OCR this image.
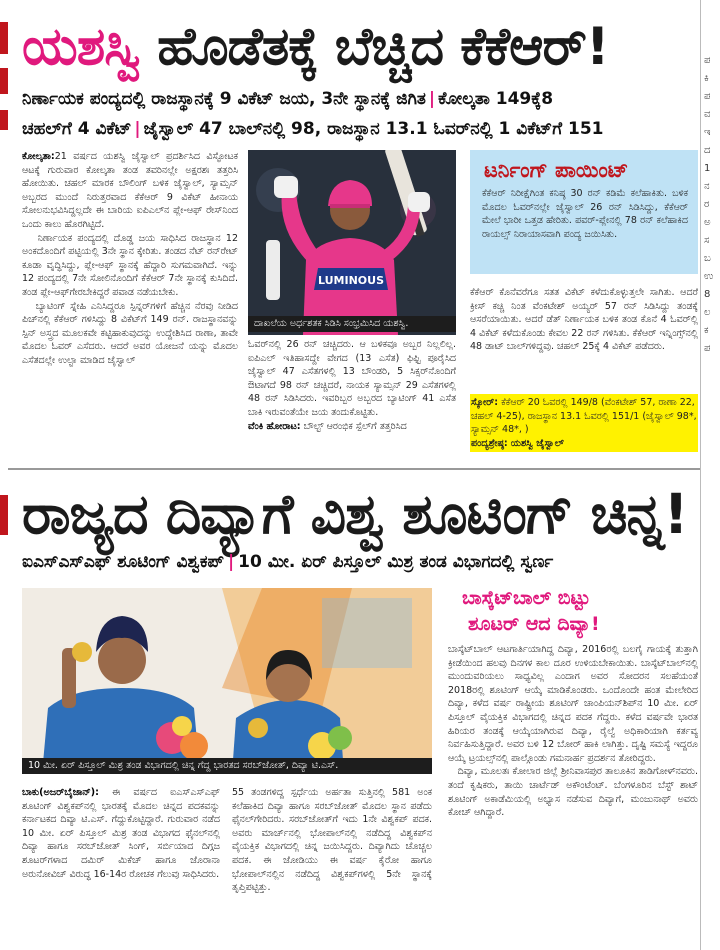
ಪ
ಕಿ
ಪ
ವ
ಇ
ದ
1
ನ
ರ
ಅ
ಸ
ಬ
ಉ
8
ಲ
ಕ
ಪ
ಯಶಸ್ವಿ ಹೊಡೆತಕ್ಕೆ ಬೆಚ್ಚಿದ ಕೆಕೆಆರ್!
ನಿರ್ಣಾಯಕ ಪಂದ್ಯದಲ್ಲಿ ರಾಜಸ್ಥಾನಕ್ಕೆ 9 ವಿಕೆಟ್ ಜಯ, 3ನೇ ಸ್ಥಾನಕ್ಕೆ ಜಿಗಿತ | ಕೋಲ್ಕತಾ 149ಕ್ಕೆ8
ಚಹಲ್‌ಗೆ 4 ವಿಕೆಟ್ | ಜೈಸ್ವಾಲ್ 47 ಬಾಲ್‌ನಲ್ಲಿ 98, ರಾಜಸ್ಥಾನ 13.1 ಓವರ್‌ನಲ್ಲಿ 1 ವಿಕೆಟ್‌ಗೆ 151
ಕೋಲ್ಕತಾ:21 ವರ್ಷದ ಯಶಸ್ವಿ ಜೈಸ್ವಾಲ್ ಪ್ರದರ್ಶಿಸಿದ ವಿಸ್ಫೋಟಕ ಆಟಕ್ಕೆ ಗುರುವಾರ ಕೋಲ್ಕತಾ ತಂಡ ತವರಿನಲ್ಲೇ ಅಕ್ಷರಶಃ ತತ್ತರಿಸಿ ಹೋಯಿತು. ಚಹಲ್ ಮಾರಕ ಬೌಲಿಂಗ್ ಬಳಿಕ ಜೈಸ್ವಾಲ್, ಸ್ಯಾಮ್ಸನ್ ಅಬ್ಬರದ ಮುಂದೆ ನಿರುತ್ತರವಾದ ಕೆಕೆಆರ್ 9 ವಿಕೆಟ್ ಹೀನಾಯ ಸೋಲನುಭವಿಸಿದ್ದಲ್ಲದೇ ಈ ಬಾರಿಯ ಐಪಿಎಲ್‌ನ ಪ್ಲೇ-ಆಫ್ ರೇಸ್‌ನಿಂದ ಒಂದು ಕಾಲು ಹೊರಗಿಟ್ಟಿದೆ.
ನಿರ್ಣಾಯಕ ಪಂದ್ಯದಲ್ಲಿ ದೊಡ್ಡ ಜಯ ಸಾಧಿಸಿದ ರಾಜಸ್ಥಾನ 12 ಅಂಕದೊಂದಿಗೆ ಪಟ್ಟಿಯಲ್ಲಿ 3ನೇ ಸ್ಥಾನ ಕ್ಕೇರಿತು. ತಂಡದ ನೆಟ್ ರನ್‌ರೇಟ್ ಕೂಡಾ ವೃದ್ಧಿಸಿದ್ದು, ಪ್ಲೇ-ಆಫ್ ಸ್ಥಾನಕ್ಕೆ ಹೆದ್ದಾರಿ ಸುಗಮವಾಗಿದೆ. ಇನ್ನು 12 ಪಂದ್ಯದಲ್ಲಿ 7ನೇ ಸೋಲಿನೊಂದಿಗೆ ಕೆಕೆಆರ್ 7ನೇ ಸ್ಥಾನಕ್ಕೆ ಕುಸಿದಿದೆ. ತಂಡ ಪ್ಲೇ-ಆಫ್‌ಗೇರಬೇಕಿದ್ದರೆ ಪವಾಡ ನಡೆಯಬೇಕು.
ಬ್ಯಾಟಿಂಗ್ ಸ್ನೇಹಿ ಎನಿಸಿದ್ದರೂ ಸ್ಪಿನ್ನರ್‌ಗಳಿಗೆ ಹೆಚ್ಚಿನ ನೆರವು ನೀಡಿದ ಪಿಚ್‌ನಲ್ಲಿ ಕೆಕೆಆರ್ ಗಳಿಸಿದ್ದು 8 ವಿಕೆಟ್‌ಗೆ 149 ರನ್. ರಾಜಸ್ಥಾನವನ್ನು ಸ್ಪಿನ್ ಅಸ್ತ್ರದ ಮೂಲಕವೇ ಕಟ್ಟಿಹಾಕುವುದನ್ನು ಉದ್ದೇಶಿಸಿದ ರಾಣಾ, ತಾವೇ ಮೊದಲ ಓವರ್ ಎಸೆದರು. ಆದರೆ ಅವರ ಯೋಜನೆ ಯನ್ನು ಮೊದಲ ಎಸೆತದಲ್ಲೇ ಉಲ್ಟಾ ಮಾಡಿದ ಜೈಸ್ವಾಲ್
LUMINOUS
ದಾಖಲೆಯ ಅರ್ಧಶತಕ ಸಿಡಿಸಿ ಸಂಭ್ರಮಿಸಿದ ಯಶಸ್ವಿ.
ಓವರ್‌ನಲ್ಲಿ 26 ರನ್ ಚಚ್ಚಿದರು. ಆ ಬಳಿಕವೂ ಅಬ್ಬರ ನಿಲ್ಲಲಿಲ್ಲ. ಐಪಿಎಲ್ ಇತಿಹಾಸದ್ದೇ ವೇಗದ (13 ಎಸೆತ) ಫಿಫ್ಟಿ ಪೂರೈಸಿದ ಜೈಸ್ವಾಲ್ 47 ಎಸೆತಗಳಲ್ಲಿ 13 ಬೌಂಡರಿ, 5 ಸಿಕ್ಸರ್‌ನೊಂದಿಗೆ ಔಟಾಗದೆ 98 ರನ್ ಚಚ್ಚಿದರೆ, ನಾಯಕ ಸ್ಯಾಮ್ಸನ್ 29 ಎಸೆತಗಳಲ್ಲಿ 48 ರನ್ ಸಿಡಿಸಿದರು. ಇವರಿಬ್ಬರ ಅಬ್ಬರದ ಬ್ಯಾಟಿಂಗ್ 41 ಎಸೆತ ಬಾಕಿ ಇರುವಂತೆಯೇ ಜಯ ತಂದುಕೊಟ್ಟಿತು.
ವೆಂಕಿ ಹೋರಾಟ: ಬೌಲ್ಟ್ ಆರಂಭಿಕ ಸ್ಪೆಲ್‌ಗೆ ತತ್ತರಿಸಿದ
ಟರ್ನಿಂಗ್ ಪಾಯಿಂಟ್
ಕೆಕೆಆರ್ ನಿರೀಕ್ಷೆಗಿಂತ ಕನಿಷ್ಠ 30 ರನ್ ಕಡಿಮೆ ಕಲೆಹಾಕಿತು. ಬಳಿಕ ಮೊದಲ ಓವರ್‌ನಲ್ಲೇ ಜೈಸ್ವಾಲ್ 26 ರನ್ ಸಿಡಿಸಿದ್ದು, ಕೆಕೆಆರ್ ಮೇಲೆ ಭಾರೀ ಒತ್ತಡ ಹೇರಿತು. ಪವರ್-ಪ್ಲೇನಲ್ಲಿ 78 ರನ್ ಕಲೆಹಾಕಿದ ರಾಯಲ್ಸ್ ನಿರಾಯಾಸವಾಗಿ ಪಂದ್ಯ ಜಯಿಸಿತು.
ಕೆಕೆಆರ್ ಕೊನೆವರೆಗೂ ಸತತ ವಿಕೆಟ್ ಕಳೆದುಕೊಳ್ಳುತ್ತಲೇ ಸಾಗಿತು. ಆದರೆ ಕ್ರೀಸ್ ಕಚ್ಚಿ ನಿಂತ ವೆಂಕಟೇಶ್ ಅಯ್ಯರ್ 57 ರನ್ ಸಿಡಿಸಿದ್ದು ತಂಡಕ್ಕೆ ಆಸರೆಯಾಯಿತು. ಆದರೆ ಡೆತ್ ನಿರ್ಣಾಯಕ ಬಳಿಕ ತಂಡ ಕೊನೆ 4 ಓವರ್‌ಲ್ಲಿ 4 ವಿಕೆಟ್ ಕಳೆದುಕೊಂಡು ಕೇವಲ 22 ರನ್ ಗಳಿಸಿತು. ಕೆಕೆಆರ್ ಇನ್ನಿಂಗ್ಸ್‌ನಲ್ಲಿ 48 ಡಾಟ್ ಬಾಲ್‌ಗಳಿದ್ದವು. ಚಹಲ್ 25ಕ್ಕೆ 4 ವಿಕೆಟ್ ಪಡೆದರು.
ಸ್ಕೋರ್: ಕೆಕೆಆರ್ 20 ಓವರಲ್ಲಿ 149/8 (ವೆಂಕಟೇಶ್ 57, ರಾಣಾ 22, ಚಹಲ್ 4-25), ರಾಜಸ್ಥಾನ 13.1 ಓವರಲ್ಲಿ 151/1 (ಜೈಸ್ವಾಲ್ 98*, ಸ್ಯಾಮ್ಸನ್ 48*, )
ಪಂದ್ಯಶ್ರೇಷ್ಠ: ಯಶಸ್ವಿ ಜೈಸ್ವಾಲ್
ರಾಜ್ಯದ ದಿವ್ಯಾಗೆ ವಿಶ್ವ ಶೂಟಿಂಗ್ ಚಿನ್ನ!
ಐಎಸ್‌ಎಸ್‌ಎಫ್ ಶೂಟಿಂಗ್ ವಿಶ್ವಕಪ್ | 10 ಮೀ. ಏರ್ ಪಿಸ್ತೂಲ್ ಮಿಶ್ರ ತಂಡ ವಿಭಾಗದಲ್ಲಿ ಸ್ವರ್ಣ
10 ಮೀ. ಏರ್ ಪಿಸ್ತೂಲ್ ಮಿಶ್ರ ತಂಡ ವಿಭಾಗದಲ್ಲಿ ಚಿನ್ನ ಗೆದ್ದ ಭಾರತದ ಸರಬ್‌ಜೋತ್, ದಿವ್ಯಾ ಟಿ.ಎಸ್.
ಬಾಸ್ಕೆಟ್‌ಬಾಲ್ ಬಿಟ್ಟು
ಶೂಟರ್ ಆದ ದಿವ್ಯಾ!
ಬಾಸ್ಕೆಟ್‌ಬಾಲ್ ಆಟಗಾರ್ತಿಯಾಗಿದ್ದ ದಿವ್ಯಾ, 2016ರಲ್ಲಿ ಬಲಗೈ ಗಾಯಕ್ಕೆ ತುತ್ತಾಗಿ ಕ್ರೀಡೆಯಿಂದ ಹಲವು ದಿನಗಳ ಕಾಲ ದೂರ ಉಳಿಯಬೇಕಾಯಿತು. ಬಾಸ್ಕೆಟ್‌ಬಾಲ್‌ನಲ್ಲಿ ಮುಂದುವರಿಯಲು ಸಾಧ್ಯವಿಲ್ಲ ಎಂದಾಗ ಅವರ ಸೋದರನ ಸಲಹೆಯಂತೆ 2018ರಲ್ಲಿ ಶೂಟಿಂಗ್ ಆಯ್ಕೆ ಮಾಡಿಕೊಂಡರು. ಒಂದೊಂದೇ ಹಂತ ಮೇಲೇರಿದ ದಿವ್ಯಾ, ಕಳೆದ ವರ್ಷ ರಾಷ್ಟ್ರೀಯ ಶೂಟಿಂಗ್ ಚಾಂಪಿಯನ್‌ಶಿಪ್‌ನ 10 ಮೀ. ಏರ್ ಪಿಸ್ತೂಲ್ ವೈಯಕ್ತಿಕ ವಿಭಾಗದಲ್ಲಿ ಚಿನ್ನದ ಪದಕ ಗೆದ್ದರು. ಕಳೆದ ವರ್ಷವೇ ಭಾರತ ಹಿರಿಯರ ತಂಡಕ್ಕೆ ಆಯ್ಕೆಯಾಗಿರುವ ದಿವ್ಯಾ, ರೈಲ್ವೆ ಅಧಿಕಾರಿಯಾಗಿ ಕರ್ತವ್ಯ ನಿರ್ವಹಿಸುತ್ತಿದ್ದಾರೆ. ಅವರ ಬಳಿ 12 ಬೋರ್ ಹಾಕಿ ಲಾಗಿತ್ತು. ದೃಷ್ಟಿ ಸಮಸ್ಯೆ ಇದ್ದರೂ ಆಯ್ಕೆ ಟ್ರಯಲ್ಸ್‌ನಲ್ಲಿ ಪಾಲ್ಗೊಂಡು ಗಮನಾರ್ಹ ಪ್ರದರ್ಶನ ತೋರಿದ್ದರು.
ದಿವ್ಯಾ, ಮೂಲತಃ ಕೋಲಾರ ಜಿಲ್ಲೆ ಶ್ರೀನಿವಾಸಪುರ ತಾಲೂಕಿನ ತಾಡಿಗೋಳ್‌ನವರು. ತಂದೆ ಕೃಷಿಕರು, ತಾಯಿ ಚಾರ್ಟೆಡ್ ಅಕೌಂಟೆಂಟ್. ಬೆಂಗಳೂರಿನ ಬೆಸ್ಟ್ ಶಾಟ್ ಶೂಟಿಂಗ್ ಅಕಾಡೆಮಿಯಲ್ಲಿ ಅಭ್ಯಾಸ ನಡೆಸುವ ದಿವ್ಯಾಗೆ, ಮಂಜುನಾಥ್ ಅವರು ಕೋಚ್ ಆಗಿದ್ದಾರೆ.
ಬಾಕು(ಅಜರ್‌ಬೈಜಾನ್): ಈ ವರ್ಷದ ಐಎಸ್‌ಎಸ್‌ಎಫ್ ಶೂಟಿಂಗ್ ವಿಶ್ವಕಪ್‌ನಲ್ಲಿ ಭಾರತಕ್ಕೆ ಮೊದಲ ಚಿನ್ನದ ಪದಕವನ್ನು ಕರ್ನಾಟಕದ ದಿವ್ಯಾ ಟಿ.ಎಸ್. ಗೆದ್ದುಕೊಟ್ಟಿದ್ದಾರೆ. ಗುರುವಾರ ನಡೆದ 10 ಮೀ. ಏರ್ ಪಿಸ್ತೂಲ್ ಮಿಶ್ರ ತಂಡ ವಿಭಾಗದ ಫೈನಲ್‌ನಲ್ಲಿ ದಿವ್ಯಾ ಹಾಗೂ ಸರಬ್‌ಜೋತ್ ಸಿಂಗ್, ಸರ್ಬಿಯಾದ ದಿಗ್ಗಜ ಶೂಟರ್‌ಗಳಾದ ದಮಿರ್ ಮಿಕೆಚ್ ಹಾಗೂ ಜೊರಾನಾ ಅರುನೋವಿಚ್ ವಿರುದ್ಧ 16-14ರ ರೋಚಕ ಗೆಲುವು ಸಾಧಿಸಿದರು.
55 ತಂಡಗಳಿದ್ದ ಸ್ಪರ್ಧೆಯ ಅರ್ಹತಾ ಸುತ್ತಿನಲ್ಲಿ 581 ಅಂಕ ಕಲೆಹಾಕಿದ ದಿವ್ಯಾ ಹಾಗೂ ಸರಬ್‌ಜೋತ್ ಮೊದಲ ಸ್ಥಾನ ಪಡೆದು ಫೈನಲ್‌ಗೇರಿದರು. ಸರಬ್‌ಜೋತ್‌ಗೆ ಇದು 1ನೇ ವಿಶ್ವಕಪ್ ಪದಕ. ಅವರು ಮಾರ್ಚ್‌ನಲ್ಲಿ ಭೋಪಾಲ್‌ನಲ್ಲಿ ನಡೆದಿದ್ದ ವಿಶ್ವಕಪ್‌ನ ವೈಯಕ್ತಿಕ ವಿಭಾಗದಲ್ಲಿ ಚಿನ್ನ ಜಯಿಸಿದ್ದರು. ದಿವ್ಯಾಗಿದು ಚೊಚ್ಚಲ ಪದಕ. ಈ ಜೋಡಿಯು ಈ ವರ್ಷ ಕೈರೋ ಹಾಗೂ ಭೋಪಾಲ್‌ನಲ್ಲಿನ ನಡೆದಿದ್ದ ವಿಶ್ವಕಪ್‌ಗಳಲ್ಲಿ 5ನೇ ಸ್ಥಾನಕ್ಕೆ ತೃಪ್ತಿಪಟ್ಟಿತ್ತು.
